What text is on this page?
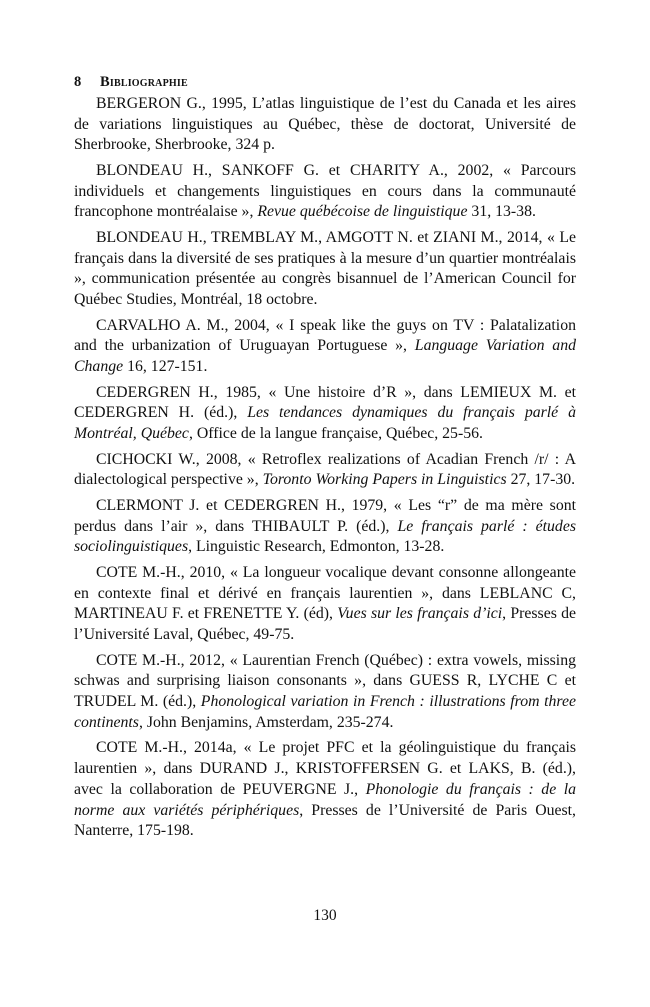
8 Bibliographie

BERGERON G., 1995, L’atlas linguistique de l’est du Canada et les aires de variations linguistiques au Québec, thèse de doctorat, Université de Sherbrooke, Sherbrooke, 324 p.

BLONDEAU H., SANKOFF G. et CHARITY A., 2002, « Parcours individuels et changements linguistiques en cours dans la communauté francophone montréalaise », Revue québécoise de linguistique 31, 13-38.

BLONDEAU H., TREMBLAY M., AMGOTT N. et ZIANI M., 2014, « Le français dans la diversité de ses pratiques à la mesure d’un quartier montréalais », communication présentée au congrès bisannuel de l’American Council for Québec Studies, Montréal, 18 octobre.

CARVALHO A. M., 2004, « I speak like the guys on TV : Palatalization and the urbanization of Uruguayan Portuguese », Language Variation and Change 16, 127-151.

CEDERGREN H., 1985, « Une histoire d’R », dans LEMIEUX M. et CEDERGREN H. (éd.), Les tendances dynamiques du français parlé à Montréal, Québec, Office de la langue française, Québec, 25-56.

CICHOCKI W., 2008, « Retroflex realizations of Acadian French /r/ : A dialectological perspective », Toronto Working Papers in Linguistics 27, 17-30.

CLERMONT J. et CEDERGREN H., 1979, « Les “r” de ma mère sont perdus dans l’air », dans THIBAULT P. (éd.), Le français parlé : études sociolinguistiques, Linguistic Research, Edmonton, 13-28.

COTE M.-H., 2010, « La longueur vocalique devant consonne allongeante en contexte final et dérivé en français laurentien », dans LEBLANC C, MARTINEAU F. et FRENETTE Y. (éd), Vues sur les français d’ici, Presses de l’Université Laval, Québec, 49-75.

COTE M.-H., 2012, « Laurentian French (Québec) : extra vowels, missing schwas and surprising liaison consonants », dans GUESS R, LYCHE C et TRUDEL M. (éd.), Phonological variation in French : illustrations from three continents, John Benjamins, Amsterdam, 235-274.

COTE M.-H., 2014a, « Le projet PFC et la géolinguistique du français laurentien », dans DURAND J., KRISTOFFERSEN G. et LAKS, B. (éd.), avec la collaboration de PEUVERGNE J., Phonologie du français : de la norme aux variétés périphériques, Presses de l’Université de Paris Ouest, Nanterre, 175-198.

130
